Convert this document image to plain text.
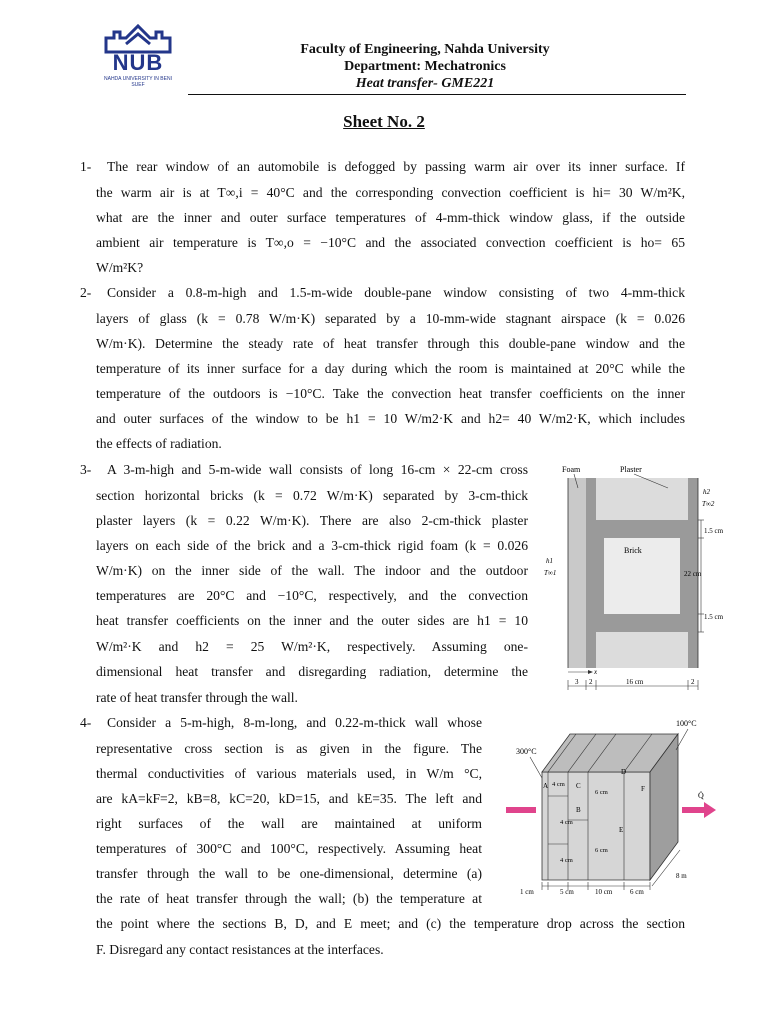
NUB
NAHDA UNIVERSITY IN BENI SUEF
Faculty of Engineering, Nahda University
Department: Mechatronics
Heat transfer- GME221
Sheet No. 2
1- The rear window of an automobile is defogged by passing warm air over its inner surface. If
the warm air is at T∞,i = 40°C and the corresponding convection coefficient is hi= 30 W/m²K,
what are the inner and outer surface temperatures of 4-mm-thick window glass, if the outside
ambient air temperature is T∞,o = −10°C and the associated convection coefficient is ho= 65
W/m²K?
2- Consider a 0.8-m-high and 1.5-m-wide double-pane window consisting of two 4-mm-thick
layers of glass (k = 0.78 W/m·K) separated by a 10-mm-wide stagnant airspace (k = 0.026
W/m·K). Determine the steady rate of heat transfer through this double-pane window and the
temperature of its inner surface for a day during which the room is maintained at 20°C while the
temperature of the outdoors is −10°C. Take the convection heat transfer coefficients on the inner
and outer surfaces of the window to be h1 = 10 W/m2·K and h2= 40 W/m2·K, which includes
the effects of radiation.
3- A 3-m-high and 5-m-wide wall consists of long 16-cm × 22-cm cross
section horizontal bricks (k = 0.72 W/m·K) separated by 3-cm-thick
plaster layers (k = 0.22 W/m·K). There are also 2-cm-thick plaster
layers on each side of the brick and a 3-cm-thick rigid foam (k = 0.026
W/m·K) on the inner side of the wall. The indoor and the outdoor
temperatures are 20°C and −10°C, respectively, and the convection
heat transfer coefficients on the inner and the outer sides are h1 = 10
W/m²·K and h2 = 25 W/m²·K, respectively. Assuming one-
dimensional heat transfer and disregarding radiation, determine the
rate of heat transfer through the wall.
4- Consider a 5-m-high, 8-m-long, and 0.22-m-thick wall whose
representative cross section is as given in the figure. The
thermal conductivities of various materials used, in W/m °C,
are kA=kF=2, kB=8, kC=20, kD=15, and kE=35. The left and
right surfaces of the wall are maintained at uniform
temperatures of 300°C and 100°C, respectively. Assuming heat
transfer through the wall to be one-dimensional, determine (a)
the rate of heat transfer through the wall; (b) the temperature at
the point where the sections B, D, and E meet; and (c) the temperature drop across the section
F. Disregard any contact resistances at the interfaces.
Foam	Plaster
Brick
h2
T∞2
h1
T∞1
1.5 cm
22 cm
1.5 cm
x
3 2	16 cm	2
300°C
100°C
A	C
D
B
E
F
4 cm
6 cm
4 cm
6 cm
4 cm
Q̇
1 cm	5 cm	10 cm	6 cm
8 m
